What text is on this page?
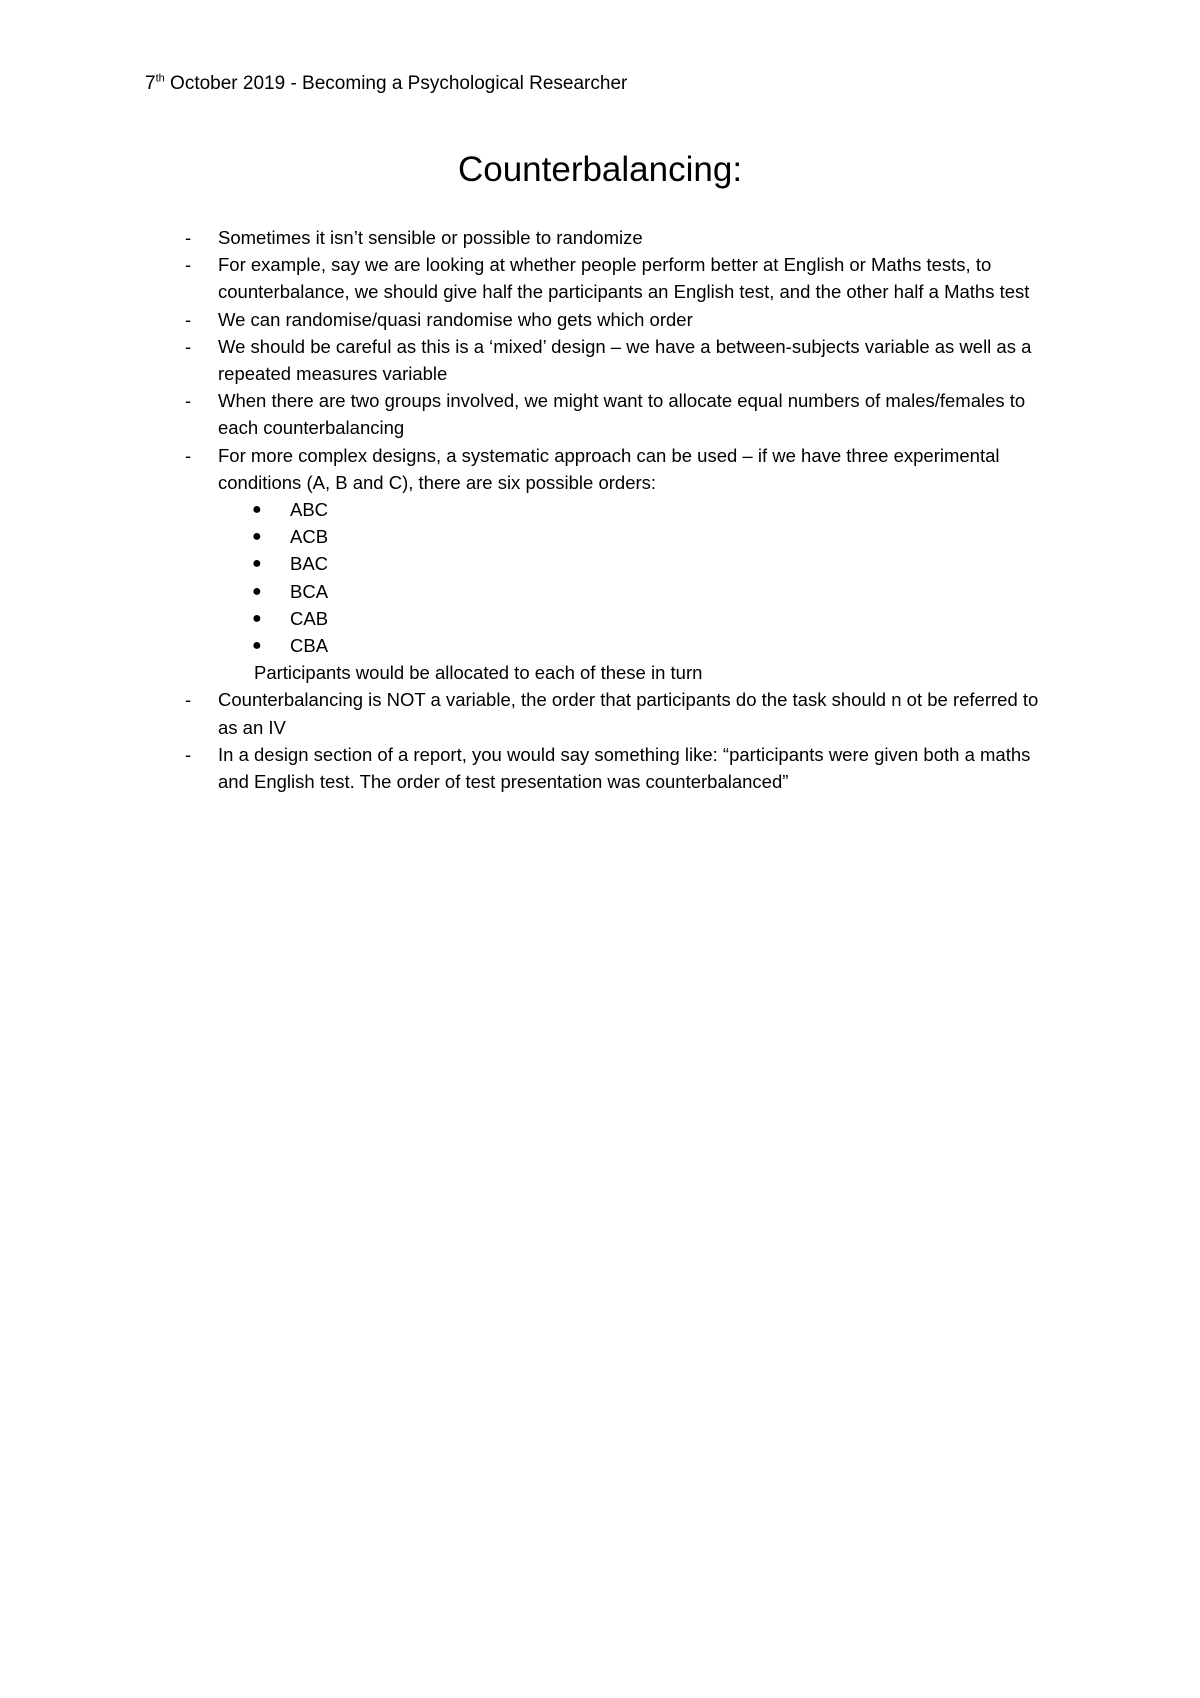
7th October 2019 - Becoming a Psychological Researcher
Counterbalancing:
- Sometimes it isn’t sensible or possible to randomize
- For example, say we are looking at whether people perform better at English or Maths tests, to counterbalance, we should give half the participants an English test, and the other half a Maths test
- We can randomise/quasi randomise who gets which order
- We should be careful as this is a ‘mixed’ design – we have a between-subjects variable as well as a repeated measures variable
- When there are two groups involved, we might want to allocate equal numbers of males/females to each counterbalancing
- For more complex designs, a systematic approach can be used – if we have three experimental conditions (A, B and C), there are six possible orders:
● ABC
● ACB
● BAC
● BCA
● CAB
● CBA
Participants would be allocated to each of these in turn
- Counterbalancing is NOT a variable, the order that participants do the task should n ot be referred to as an IV
- In a design section of a report, you would say something like: “participants were given both a maths and English test. The order of test presentation was counterbalanced”
